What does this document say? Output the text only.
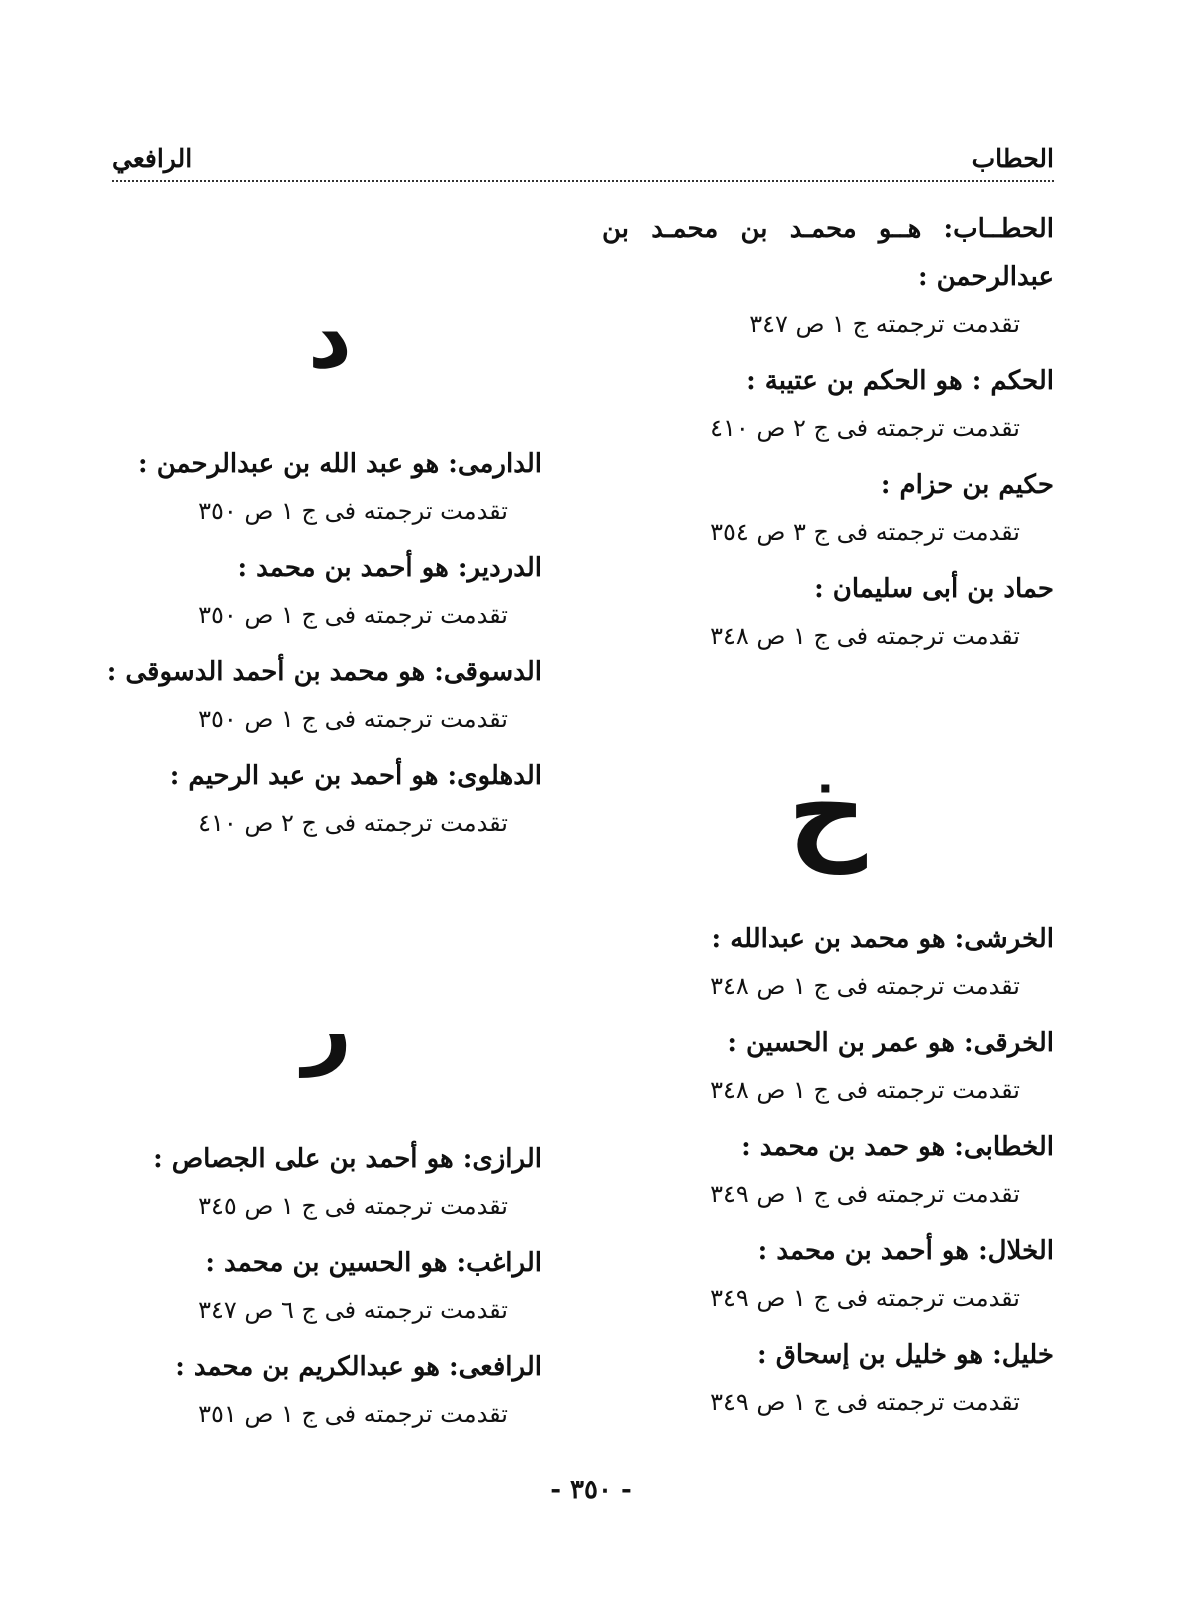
الحطاب
الرافعي
الحطــاب:
هــو
محمـد
بن
محمـد
بن
عبدالرحمن :
تقدمت ترجمته ج ١ ص ٣٤٧
الحكم : هو الحكم بن عتيبة :
تقدمت ترجمته فى ج ٢ ص ٤١٠
حكيم بن حزام :
تقدمت ترجمته فى ج ٣ ص ٣٥٤
حماد بن أبى سليمان :
تقدمت ترجمته فى ج ١ ص ٣٤٨
د
خ
ر
الخرشى: هو محمد بن عبدالله :
تقدمت ترجمته فى ج ١ ص ٣٤٨
الخرقى: هو عمر بن الحسين :
تقدمت ترجمته فى ج ١ ص ٣٤٨
الخطابى: هو حمد بن محمد :
تقدمت ترجمته فى ج ١ ص ٣٤٩
الخلال: هو أحمد بن محمد :
تقدمت ترجمته فى ج ١ ص ٣٤٩
خليل: هو خليل بن إسحاق :
تقدمت ترجمته فى ج ١ ص ٣٤٩
الدارمى: هو عبد الله بن عبدالرحمن :
تقدمت ترجمته فى ج ١ ص ٣٥٠
الدردير: هو أحمد بن محمد :
تقدمت ترجمته فى ج ١ ص ٣٥٠
الدسوقى: هو محمد بن أحمد الدسوقى :
تقدمت ترجمته فى ج ١ ص ٣٥٠
الدهلوى: هو أحمد بن عبد الرحيم :
تقدمت ترجمته فى ج ٢ ص ٤١٠
الرازى: هو أحمد بن على الجصاص :
تقدمت ترجمته فى ج ١ ص ٣٤٥
الراغب: هو الحسين بن محمد :
تقدمت ترجمته فى ج ٦ ص ٣٤٧
الرافعى: هو عبدالكريم بن محمد :
تقدمت ترجمته فى ج ١ ص ٣٥١
- ٣٥٠ -
